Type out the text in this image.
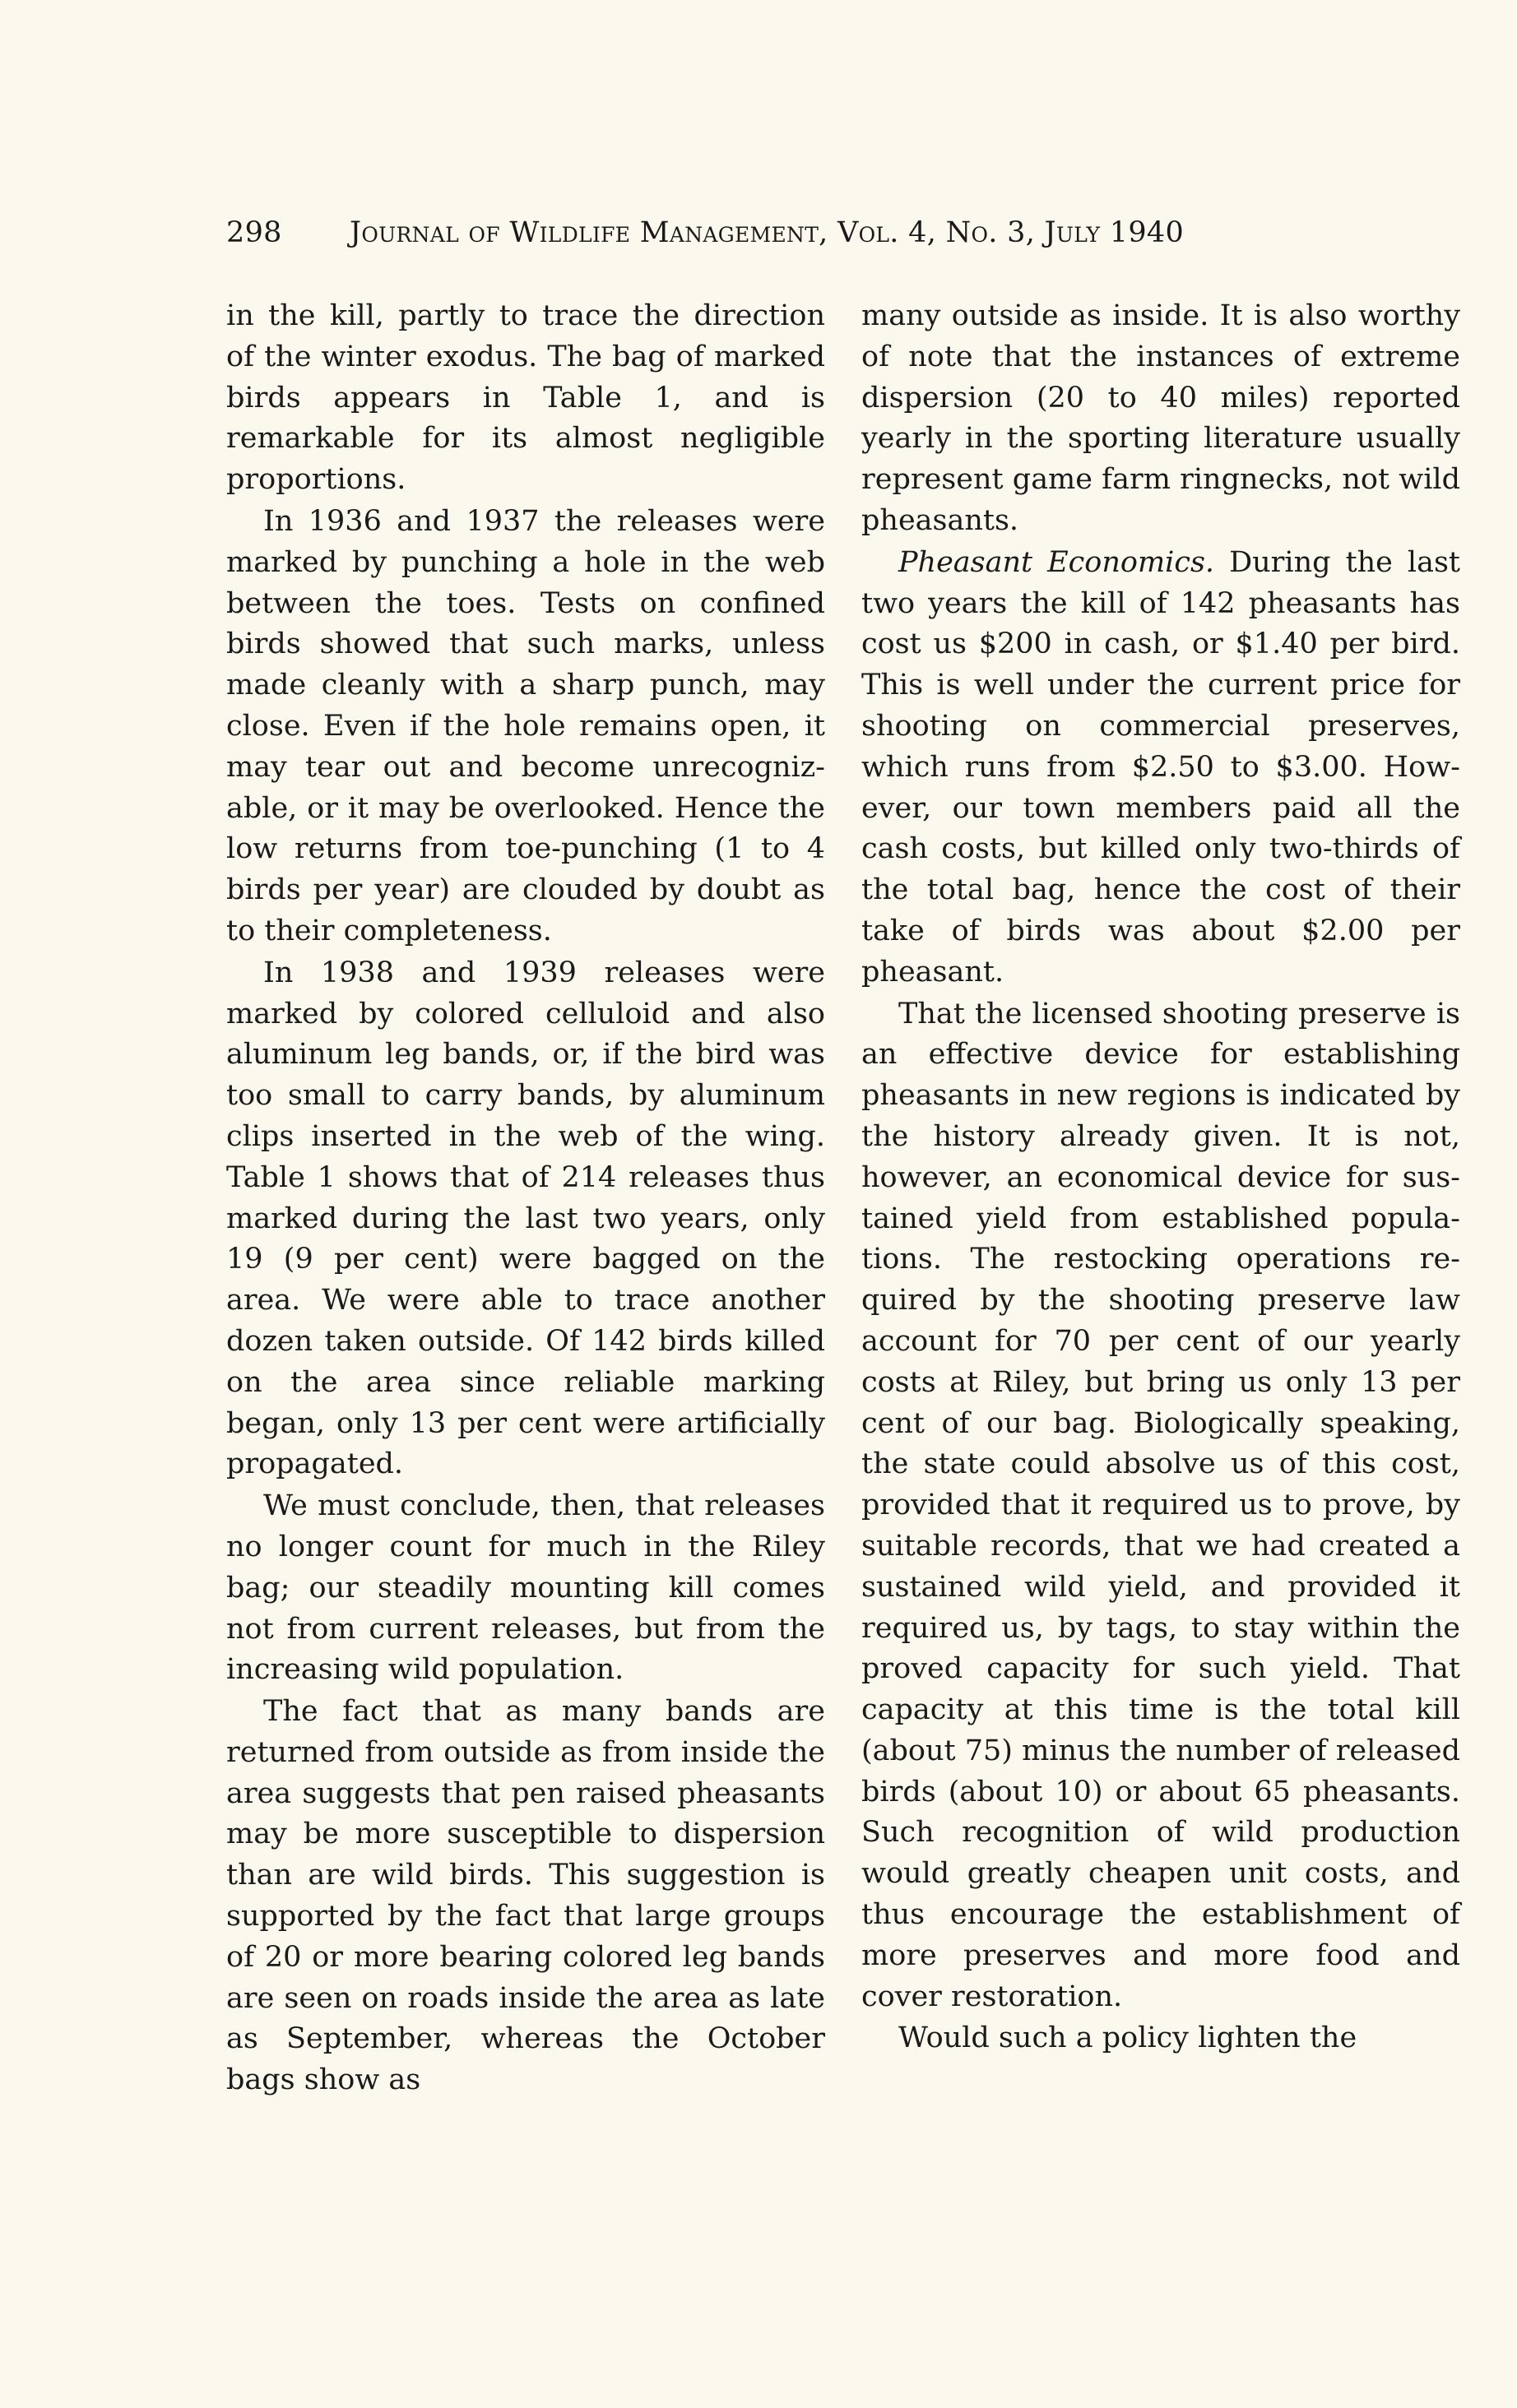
298 Journal of Wildlife Management, Vol. 4, No. 3, July 1940

in the kill, partly to trace the direction of the winter exodus. The bag of marked birds appears in Table 1, and is remarkable for its almost negligible proportions.

In 1936 and 1937 the releases were marked by punching a hole in the web between the toes. Tests on confined birds showed that such marks, unless made cleanly with a sharp punch, may close. Even if the hole remains open, it may tear out and become unrecognizable, or it may be overlooked. Hence the low returns from toe-punching (1 to 4 birds per year) are clouded by doubt as to their completeness.

In 1938 and 1939 releases were marked by colored celluloid and also aluminum leg bands, or, if the bird was too small to carry bands, by aluminum clips inserted in the web of the wing. Table 1 shows that of 214 releases thus marked during the last two years, only 19 (9 per cent) were bagged on the area. We were able to trace another dozen taken outside. Of 142 birds killed on the area since reliable marking began, only 13 per cent were artificially propagated.

We must conclude, then, that releases no longer count for much in the Riley bag; our steadily mounting kill comes not from current releases, but from the increasing wild population.

The fact that as many bands are returned from outside as from inside the area suggests that pen raised pheasants may be more susceptible to dispersion than are wild birds. This suggestion is supported by the fact that large groups of 20 or more bearing colored leg bands are seen on roads inside the area as late as September, whereas the October bags show as

many outside as inside. It is also worthy of note that the instances of extreme dispersion (20 to 40 miles) reported yearly in the sporting literature usually represent game farm ringnecks, not wild pheasants.

Pheasant Economics. During the last two years the kill of 142 pheasants has cost us $200 in cash, or $1.40 per bird. This is well under the current price for shooting on commercial preserves, which runs from $2.50 to $3.00. However, our town members paid all the cash costs, but killed only two-thirds of the total bag, hence the cost of their take of birds was about $2.00 per pheasant.

That the licensed shooting preserve is an effective device for establishing pheasants in new regions is indicated by the history already given. It is not, however, an economical device for sustained yield from established populations. The restocking operations required by the shooting preserve law account for 70 per cent of our yearly costs at Riley, but bring us only 13 per cent of our bag. Biologically speaking, the state could absolve us of this cost, provided that it required us to prove, by suitable records, that we had created a sustained wild yield, and provided it required us, by tags, to stay within the proved capacity for such yield. That capacity at this time is the total kill (about 75) minus the number of released birds (about 10) or about 65 pheasants. Such recognition of wild production would greatly cheapen unit costs, and thus encourage the establishment of more preserves and more food and cover restoration.

Would such a policy lighten the
